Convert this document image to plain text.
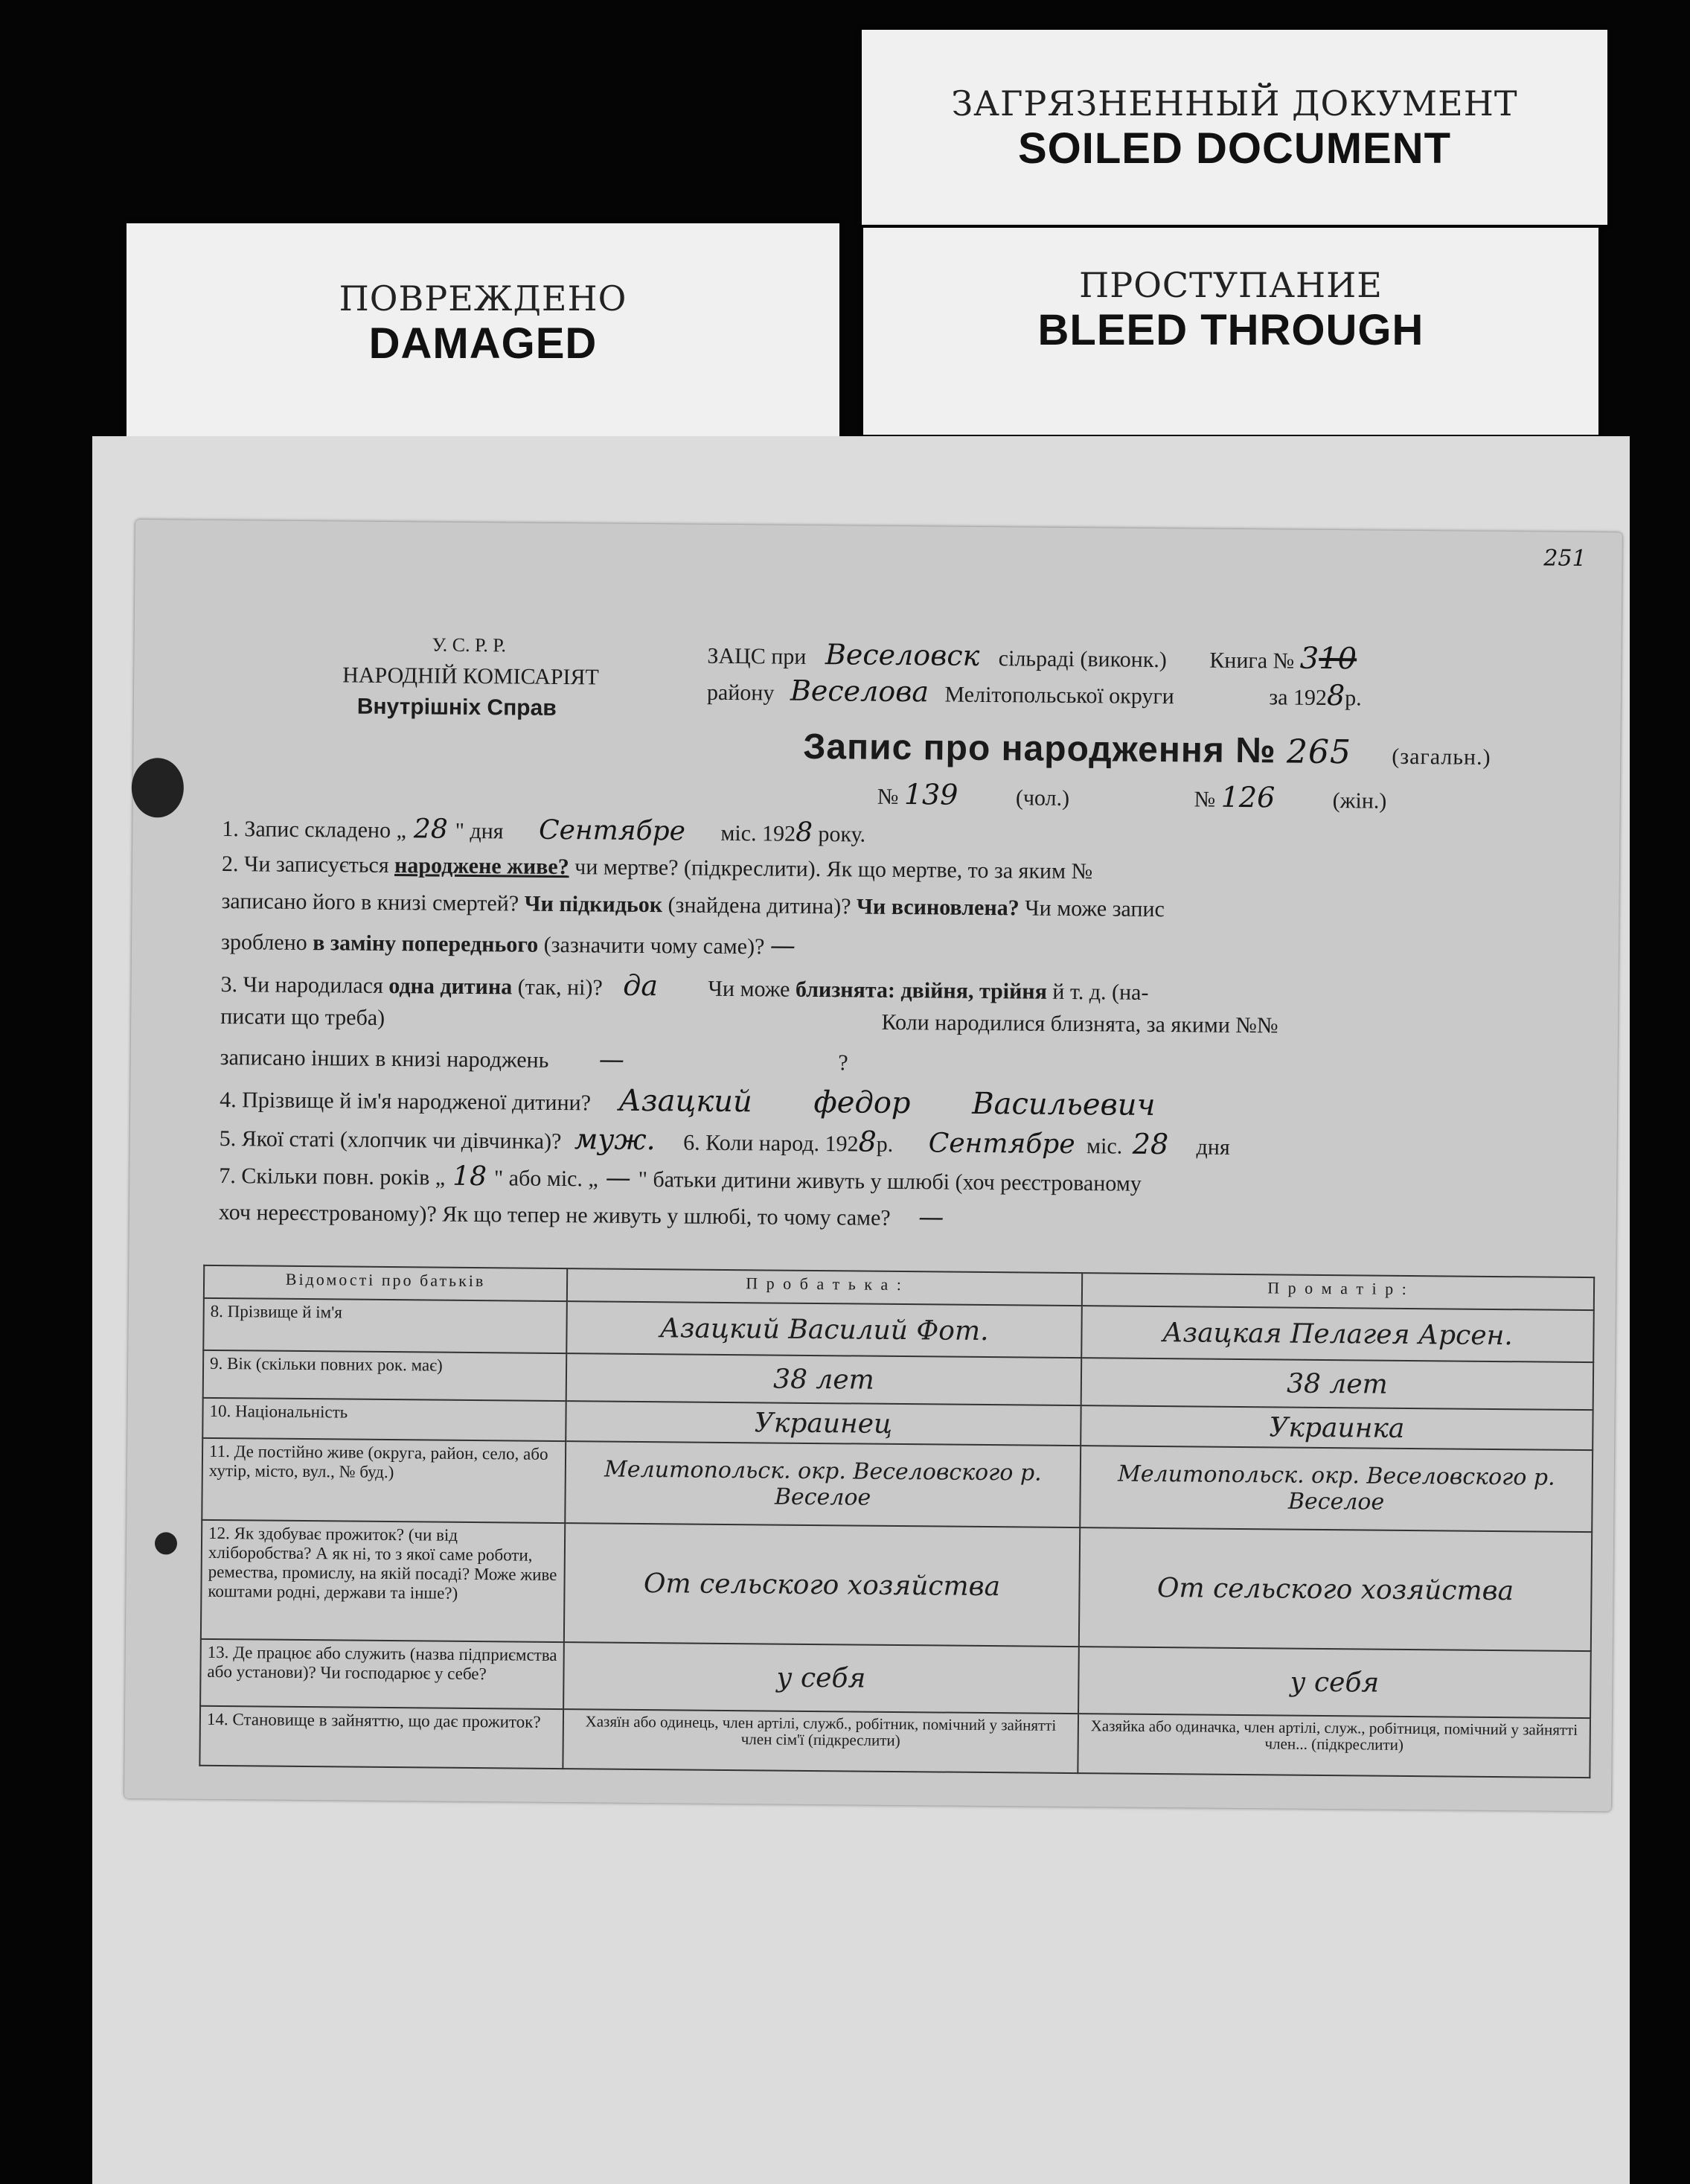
ЗАГРЯЗНЕННЫЙ ДОКУМЕНТ
SOILED DOCUMENT
ПРОСТУПАНИЕ
BLEED THROUGH
ПОВРЕЖДЕНО
DAMAGED
251
У. С. Р. Р.
НАРОДНІЙ КОМІСАРІЯТ
Внутрішніх Справ
ЗАЦС при Веселовск сільраді (виконк.) Книга № 310
району Веселова Мелітопольської округи	за 1928р.
Запис про народження № 265 (загальн.)
№ 139	(чол.)	№ 126	(жін.)
1. Запис складено „ 28 " дня Сентябре міс. 1928 року.
2. Чи записується народжене живе? чи мертве? (підкреслити). Як що мертве, то за яким №
записано його в книзі смертей? Чи підкидьок (знайдена дитина)? Чи всиновлена? Чи може запис
зроблено в заміну попереднього (зазначити чому саме)? —
3. Чи народилася одна дитина (так, ні)? да Чи може близнята: двійня, трійня й т. д. (на-
писати що треба)	Коли народилися близнята, за якими №№
записано інших в книзі народжень —	?
4. Прізвище й ім'я народженої дитини? Азацкий федор Васильевич
5. Якої статі (хлопчик чи дівчинка)? муж. 6. Коли народ. 1928р. Сентябре міс. 28 дня
7. Скільки повн. років „ 18 " або міс. „ — " батьки дитини живуть у шлюбі (хоч реєстрованому
хоч нереєстрованому)? Як що тепер не живуть у шлюбі, то чому саме? —
Відомості про батьків	П р о б а т ь к а :	П р о м а т і р :
8. Прізвище й ім'я	Азацкий Василий Фот.	Азацкая Пелагея Арсен.
9. Вік (скільки повних рок. має)	38 лет	38 лет
10. Національність	Украинец	Украинка
11. Де постійно живе (округа, район, село, або хутір, місто, вул., № буд.)	Мелитопольск. окр. Веселовского р. Веселое	Мелитопольск. окр. Веселовского р. Веселое
12. Як здобуває прожиток? (чи від хліборобства? А як ні, то з якої саме роботи, ремества, промислу, на якій посаді? Може живе коштами родні, держави та інше?)	От сельского хозяйства	От сельского хозяйства
13. Де працює або служить (назва підприємства або установи)? Чи господарює у себе?	у себя	у себя
14. Становище в зайняттю, що дає прожиток?	Хазяїн або одинець, член артілі, служб., робітник, помічний у зайнятті член сім'ї (підкреслити)	Хазяйка або одиначка, член артілі, служ., робітниця, помічний у зайнятті член... (підкреслити)
